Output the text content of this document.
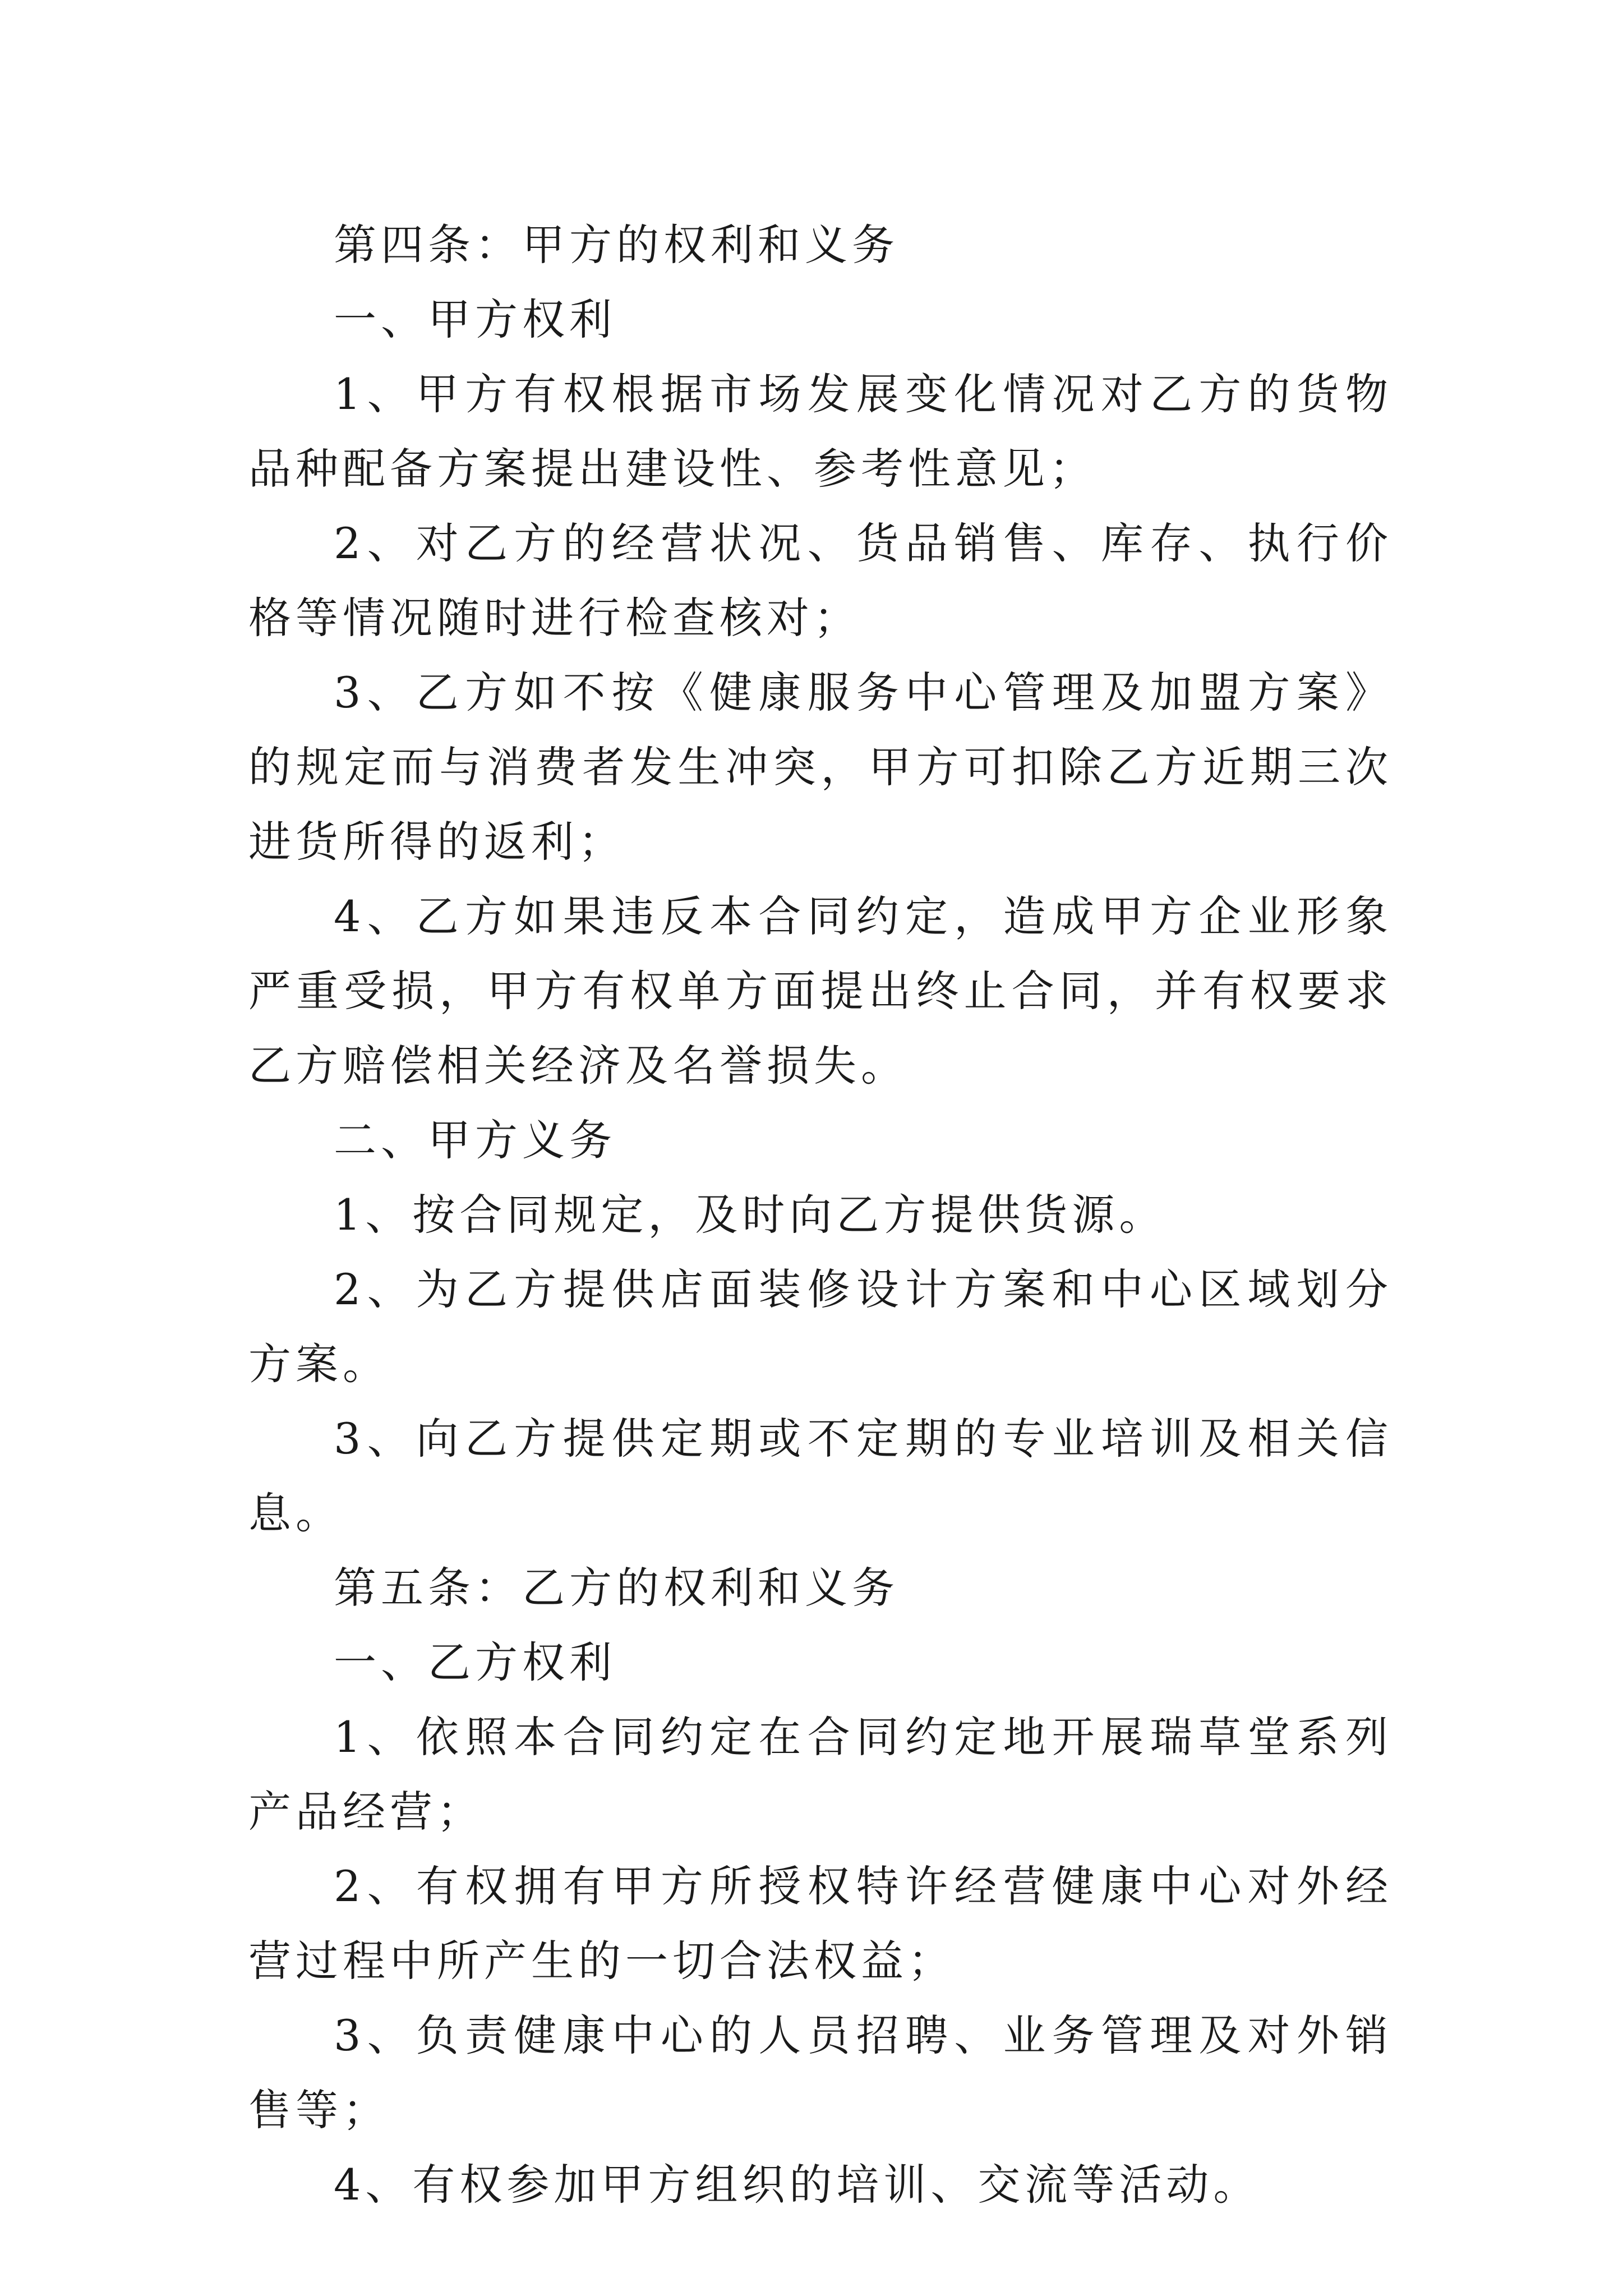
第四条：甲方的权利和义务

一、甲方权利

1、甲方有权根据市场发展变化情况对乙方的货物品种配备方案提出建设性、参考性意见；

2、对乙方的经营状况、货品销售、库存、执行价格等情况随时进行检查核对；

3、乙方如不按《健康服务中心管理及加盟方案》的规定而与消费者发生冲突，甲方可扣除乙方近期三次进货所得的返利；

4、乙方如果违反本合同约定，造成甲方企业形象严重受损，甲方有权单方面提出终止合同，并有权要求乙方赔偿相关经济及名誉损失。

二、甲方义务

1、按合同规定，及时向乙方提供货源。

2、为乙方提供店面装修设计方案和中心区域划分方案。

3、向乙方提供定期或不定期的专业培训及相关信息。

第五条：乙方的权利和义务

一、乙方权利

1、依照本合同约定在合同约定地开展瑞草堂系列产品经营；

2、有权拥有甲方所授权特许经营健康中心对外经营过程中所产生的一切合法权益；

3、负责健康中心的人员招聘、业务管理及对外销售等；

4、有权参加甲方组织的培训、交流等活动。
